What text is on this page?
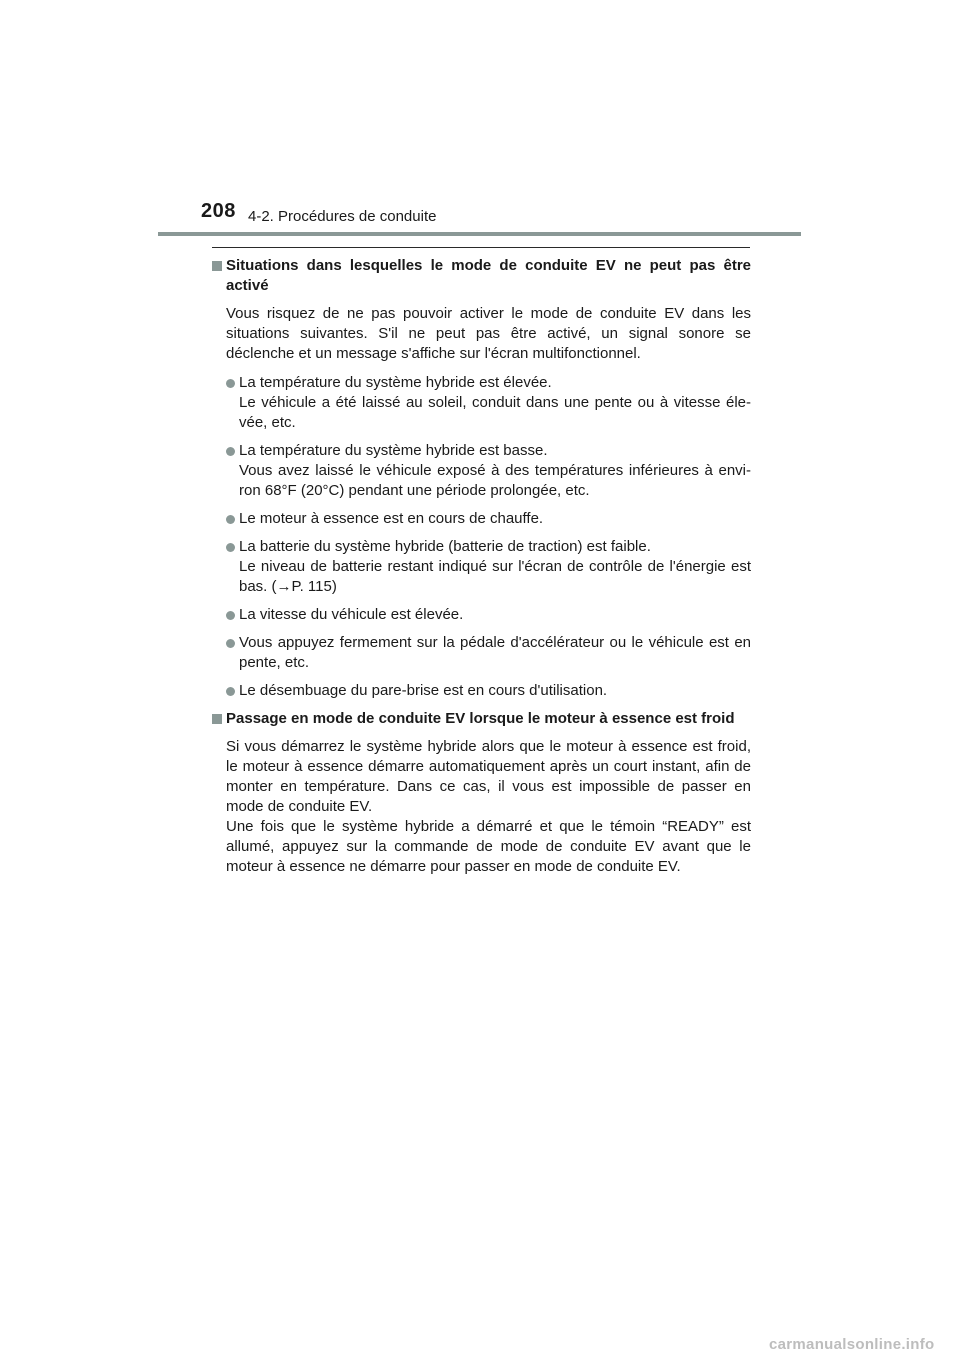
208 4-2. Procédures de conduite
Situations dans lesquelles le mode de conduite EV ne peut pas être activé
Vous risquez de ne pas pouvoir activer le mode de conduite EV dans les situations suivantes. S'il ne peut pas être activé, un signal sonore se déclenche et un message s'affiche sur l'écran multifonctionnel.
La température du système hybride est élevée.
Le véhicule a été laissé au soleil, conduit dans une pente ou à vitesse éle-vée, etc.
La température du système hybride est basse.
Vous avez laissé le véhicule exposé à des températures inférieures à envi-ron 68°F (20°C) pendant une période prolongée, etc.
Le moteur à essence est en cours de chauffe.
La batterie du système hybride (batterie de traction) est faible.
Le niveau de batterie restant indiqué sur l'écran de contrôle de l'énergie est bas. (→P. 115)
La vitesse du véhicule est élevée.
Vous appuyez fermement sur la pédale d'accélérateur ou le véhicule est en pente, etc.
Le désembuage du pare-brise est en cours d'utilisation.
Passage en mode de conduite EV lorsque le moteur à essence est froid
Si vous démarrez le système hybride alors que le moteur à essence est froid, le moteur à essence démarre automatiquement après un court instant, afin de monter en température. Dans ce cas, il vous est impossible de passer en mode de conduite EV.
Une fois que le système hybride a démarré et que le témoin “READY” est allumé, appuyez sur la commande de mode de conduite EV avant que le moteur à essence ne démarre pour passer en mode de conduite EV.
carmanualsonline.info
